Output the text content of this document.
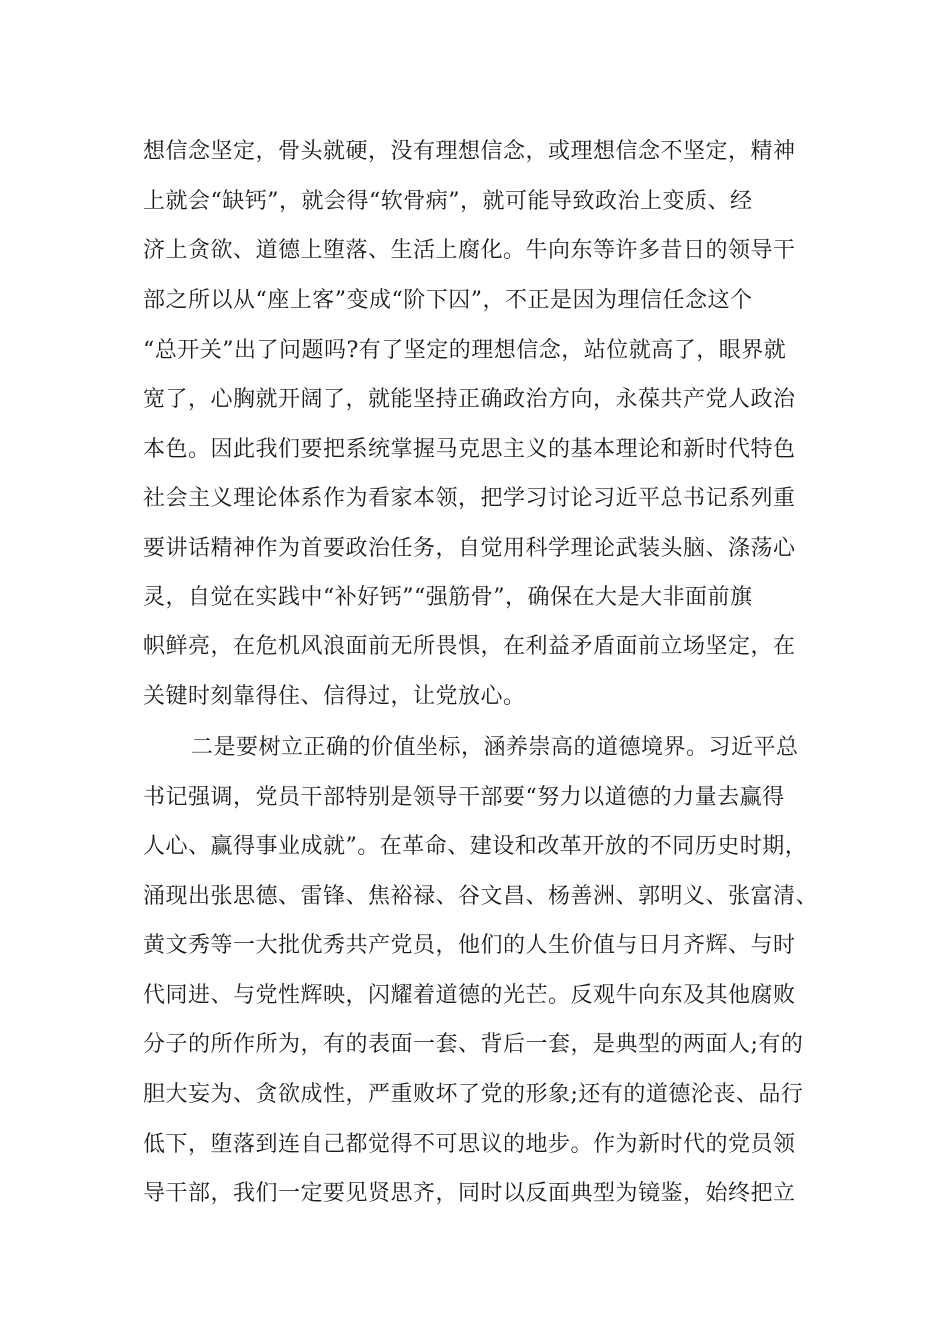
想信念坚定，骨头就硬，没有理想信念，或理想信念不坚定，精神
上就会“缺钙”，就会得“软骨病”，就可能导致政治上变质、经
济上贪欲、道德上堕落、生活上腐化。牛向东等许多昔日的领导干
部之所以从“座上客”变成“阶下囚”，不正是因为理信任念这个
“总开关”出了问题吗?有了坚定的理想信念，站位就高了，眼界就
宽了，心胸就开阔了，就能坚持正确政治方向，永葆共产党人政治
本色。因此我们要把系统掌握马克思主义的基本理论和新时代特色
社会主义理论体系作为看家本领，把学习讨论习近平总书记系列重
要讲话精神作为首要政治任务，自觉用科学理论武装头脑、涤荡心
灵，自觉在实践中“补好钙”“强筋骨”，确保在大是大非面前旗
帜鲜亮，在危机风浪面前无所畏惧，在利益矛盾面前立场坚定，在
关键时刻靠得住、信得过，让党放心。
二是要树立正确的价值坐标，涵养崇高的道德境界。习近平总
书记强调，党员干部特别是领导干部要“努力以道德的力量去赢得
人心、赢得事业成就”。在革命、建设和改革开放的不同历史时期，
涌现出张思德、雷锋、焦裕禄、谷文昌、杨善洲、郭明义、张富清、
黄文秀等一大批优秀共产党员，他们的人生价值与日月齐辉、与时
代同进、与党性辉映，闪耀着道德的光芒。反观牛向东及其他腐败
分子的所作所为，有的表面一套、背后一套，是典型的两面人;有的
胆大妄为、贪欲成性，严重败坏了党的形象;还有的道德沦丧、品行
低下，堕落到连自己都觉得不可思议的地步。作为新时代的党员领
导干部，我们一定要见贤思齐，同时以反面典型为镜鉴，始终把立
